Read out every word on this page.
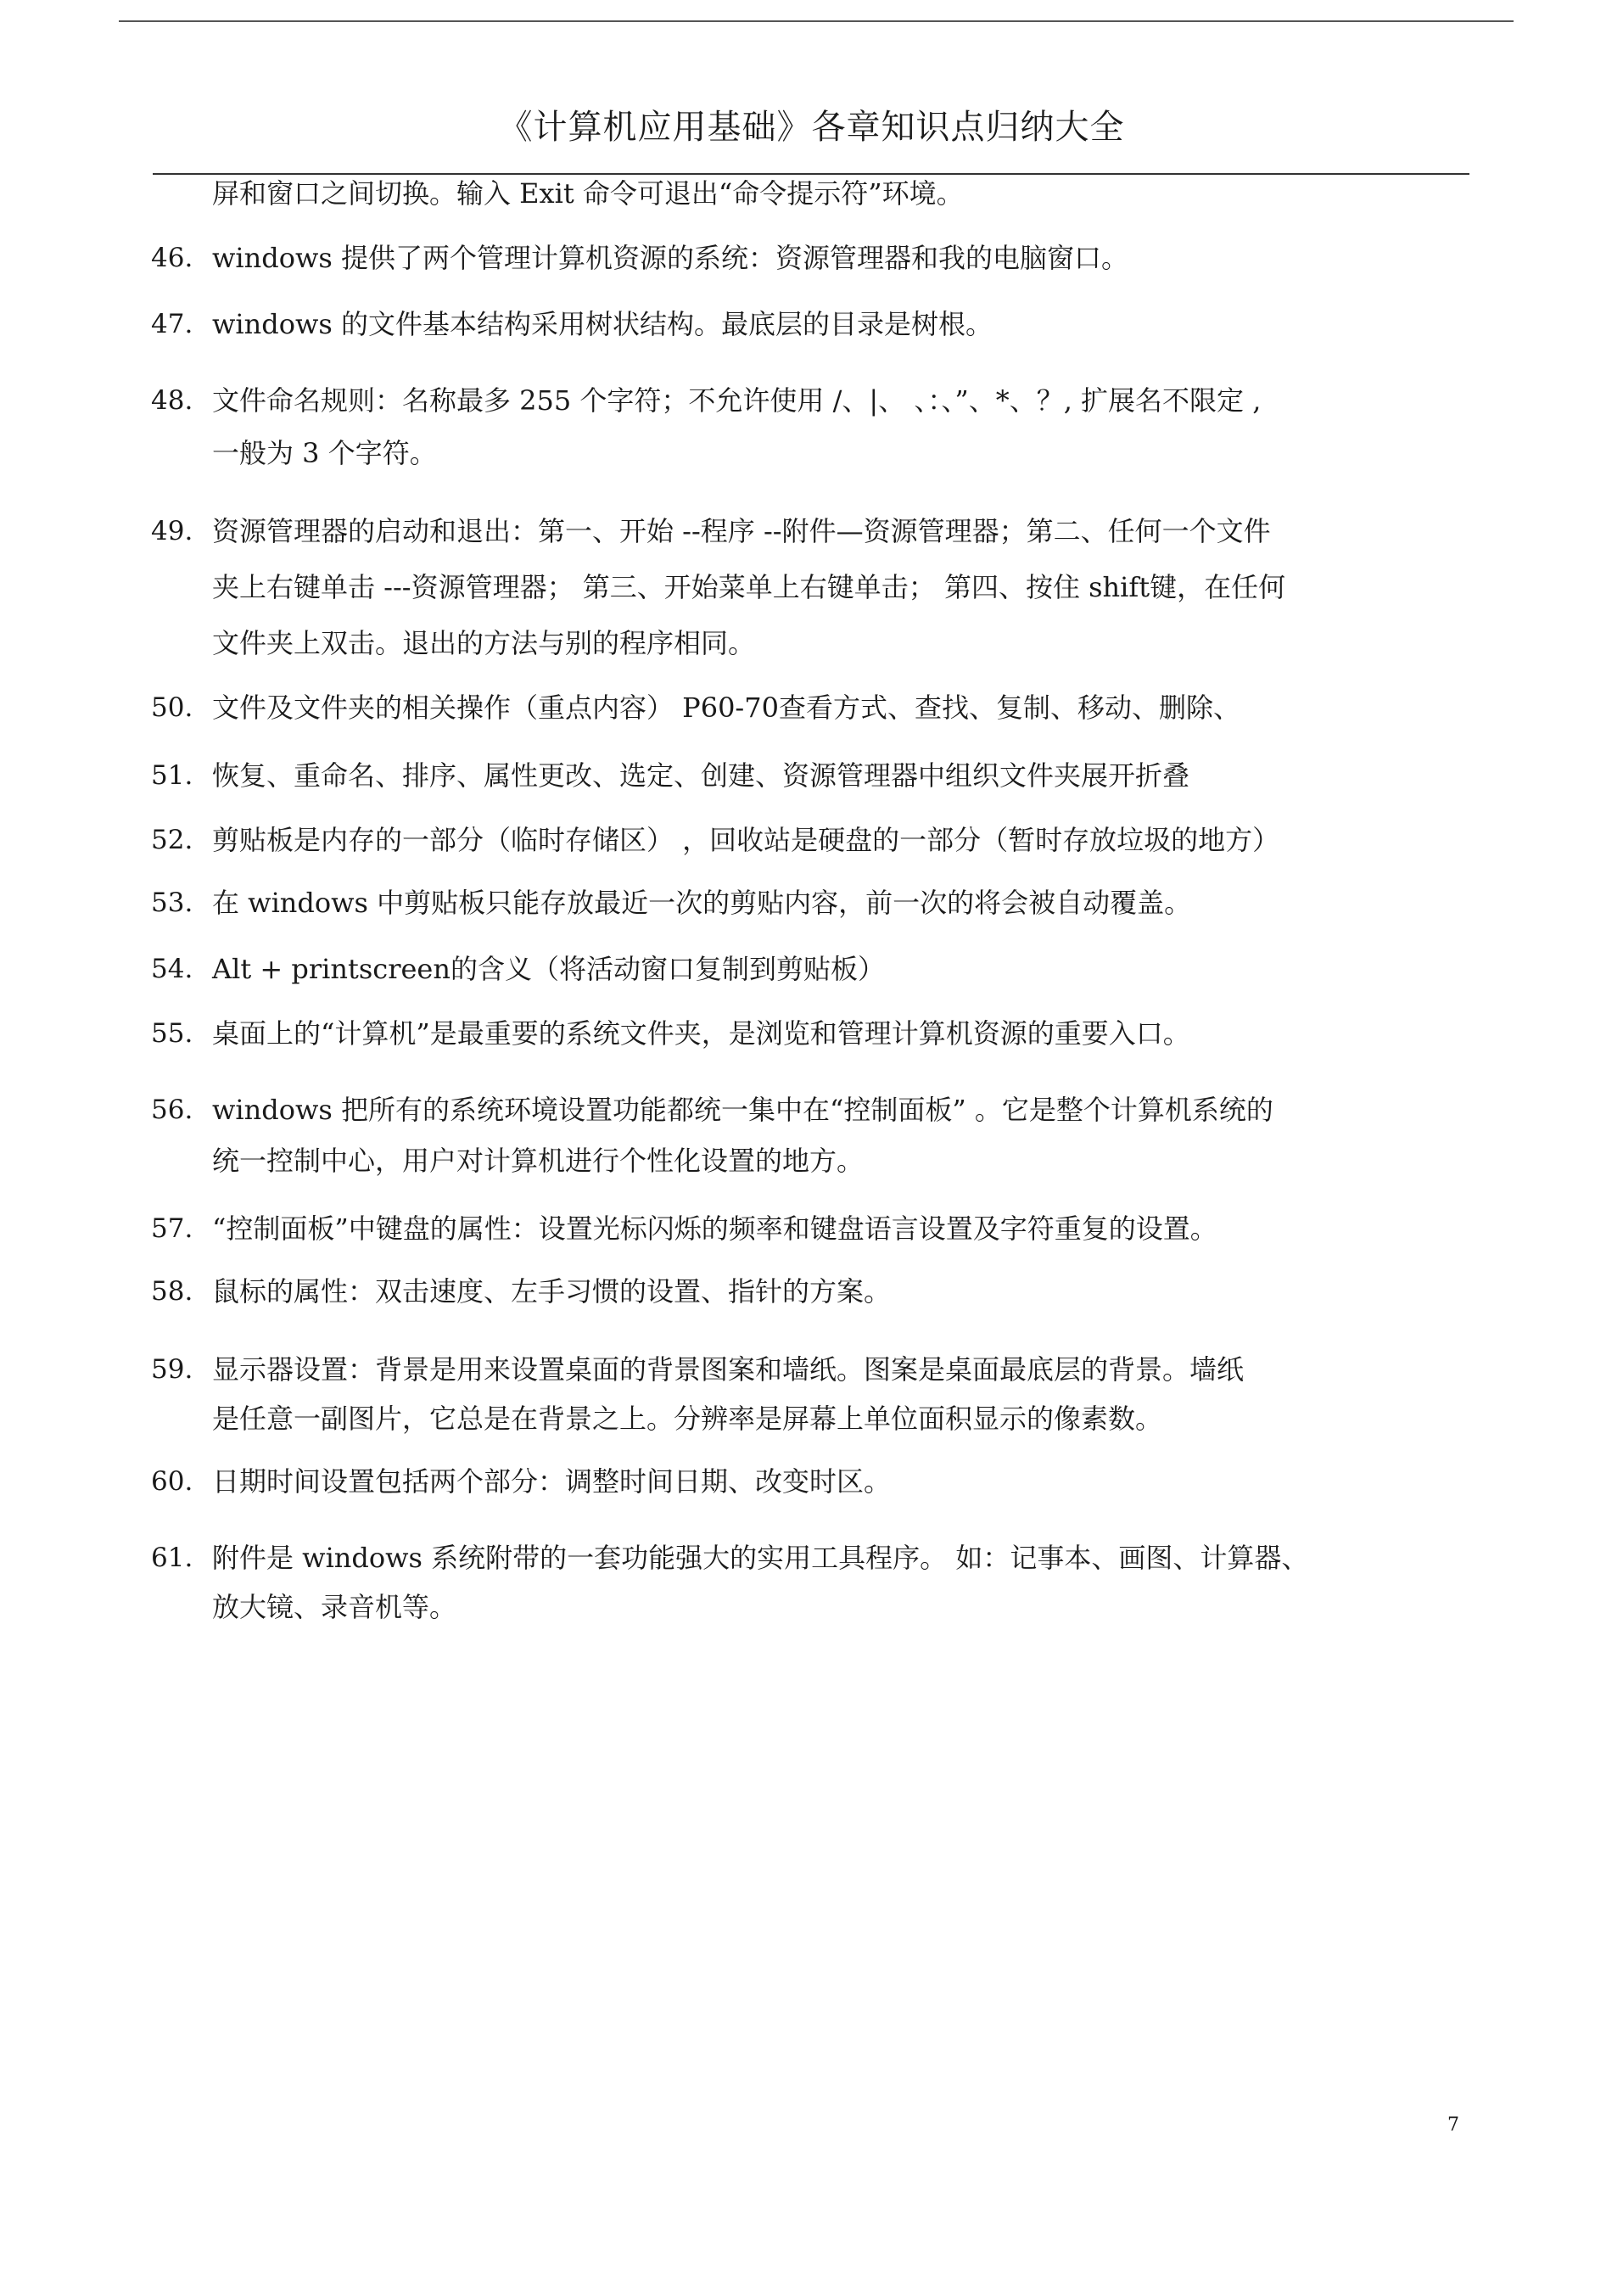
《计算机应用基础》各章知识点归纳大全
屏和窗口之间切换。输入 Exit 命令可退出“命令提示符”环境。
46. windows 提供了两个管理计算机资源的系统：资源管理器和我的电脑窗口。
47. windows 的文件基本结构采用树状结构。最底层的目录是树根。
48. 文件命名规则：名称最多 255 个字符；不允许使用 /、|、 、：、”、*、？, 扩展名不限定 ,
一般为 3 个字符。
49. 资源管理器的启动和退出：第一、开始 --程序 --附件—资源管理器；第二、任何一个文件
夹上右键单击 ---资源管理器； 第三、开始菜单上右键单击； 第四、按住 shift键，在任何
文件夹上双击。退出的方法与别的程序相同。
50. 文件及文件夹的相关操作（重点内容） P60-70查看方式、查找、复制、移动、删除、
51. 恢复、重命名、排序、属性更改、选定、创建、资源管理器中组织文件夹展开折叠
52. 剪贴板是内存的一部分（临时存储区） ，回收站是硬盘的一部分（暂时存放垃圾的地方）
53. 在 windows 中剪贴板只能存放最近一次的剪贴内容，前一次的将会被自动覆盖。
54. Alt + printscreen的含义（将活动窗口复制到剪贴板）
55. 桌面上的“计算机”是最重要的系统文件夹，是浏览和管理计算机资源的重要入口。
56. windows 把所有的系统环境设置功能都统一集中在“控制面板” 。它是整个计算机系统的
统一控制中心，用户对计算机进行个性化设置的地方。
57. “控制面板”中键盘的属性：设置光标闪烁的频率和键盘语言设置及字符重复的设置。
58. 鼠标的属性：双击速度、左手习惯的设置、指针的方案。
59. 显示器设置：背景是用来设置桌面的背景图案和墙纸。图案是桌面最底层的背景。墙纸
是任意一副图片，它总是在背景之上。分辨率是屏幕上单位面积显示的像素数。
60. 日期时间设置包括两个部分：调整时间日期、改变时区。
61. 附件是 windows 系统附带的一套功能强大的实用工具程序。 如：记事本、画图、计算器、
放大镜、录音机等。
7
